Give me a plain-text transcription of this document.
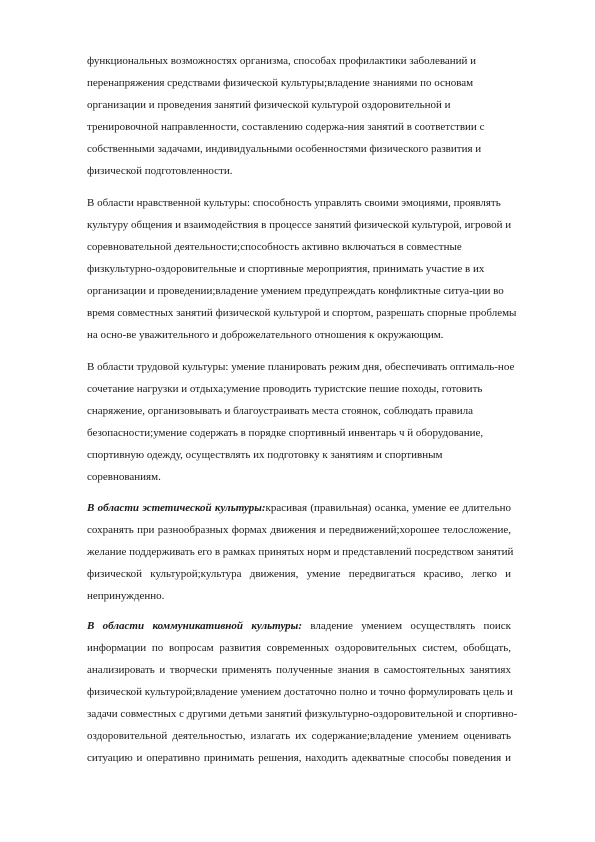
функциональных возможностях организма, способах профилактики заболеваний и
перенапряжения средствами физической культуры;владение знаниями по основам
организации и проведения занятий физической культурой оздоровительной и
тренировочной направленности, составлению содержа-ния занятий в соответствии с
собственными задачами, индивидуальными особенностями физического развития и
физической подготовленности.
В области нравственной культуры: способность управлять своими эмоциями, проявлять
культуру общения и взаимодействия в процессе занятий физической культурой, игровой и
соревновательной деятельности;способность активно включаться в совместные
физкультурно-оздоровительные и спортивные мероприятия, принимать участие в их
организации и проведении;владение умением предупреждать конфликтные ситуа-ции во
время совместных занятий физической культурой и спортом, разрешать спорные проблемы
на осно-ве уважительного и доброжелательного отношения к окружающим.
В области трудовой культуры: умение планировать режим дня, обеспечивать оптималь-ное
сочетание нагрузки и отдыха;умение проводить туристские пешие походы, готовить
снаряжение, организовывать и благоустраивать места стоянок, соблюдать правила
безопасности;умение содержать в порядке спортивный инвентарь ч й оборудование,
спортивную одежду, осуществлять их подготовку к занятиям и спортивным
соревнованиям.
В области эстетической культуры:красивая (правильная) осанка, умение ее длительно
сохранять при разнообразных формах движения и передвижений;хорошее телосложение,
желание поддерживать его в рамках принятых норм и представлений посредством занятий
физической культурой;культура движения, умение передвигаться красиво, легко и
непринужденно.
В области коммуникативной культуры: владение умением осуществлять поиск
информации по вопросам развития современных оздоровительных систем, обобщать,
анализировать и творчески применять полученные знания в самостоятельных занятиях
физической культурой;владение умением достаточно полно и точно формулировать цель и
задачи совместных с другими детьми занятий физкультурно-оздоровительной и спортивно-
оздоровительной деятельностью, излагать их содержание;владение умением оценивать
ситуацию и оперативно принимать решения, находить адекватные способы поведения и
